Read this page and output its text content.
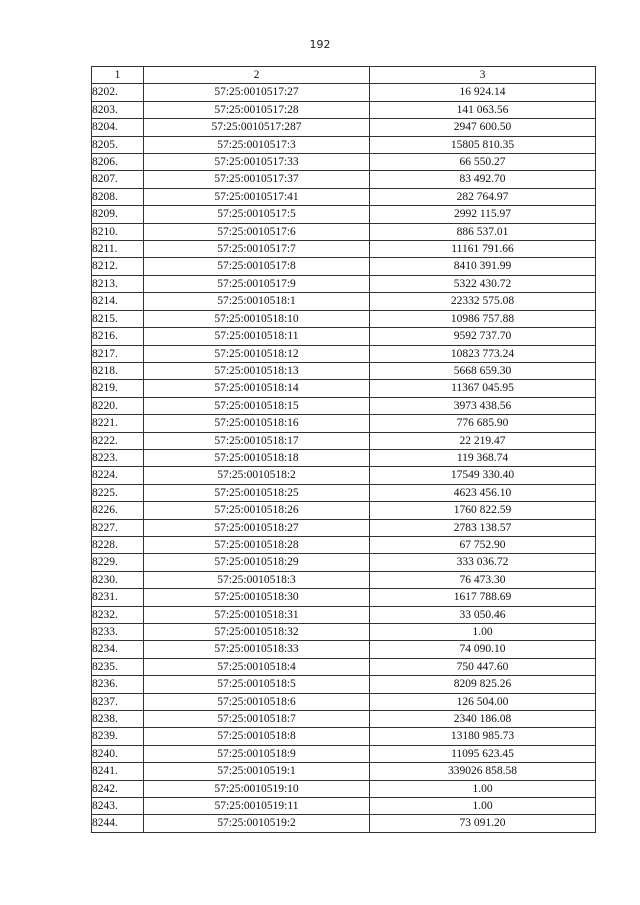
192
1	2	3
8202.	57:25:0010517:27	16 924.14
8203.	57:25:0010517:28	141 063.56
8204.	57:25:0010517:287	2947 600.50
8205.	57:25:0010517:3	15805 810.35
8206.	57:25:0010517:33	66 550.27
8207.	57:25:0010517:37	83 492.70
8208.	57:25:0010517:41	282 764.97
8209.	57:25:0010517:5	2992 115.97
8210.	57:25:0010517:6	886 537.01
8211.	57:25:0010517:7	11161 791.66
8212.	57:25:0010517:8	8410 391.99
8213.	57:25:0010517:9	5322 430.72
8214.	57:25:0010518:1	22332 575.08
8215.	57:25:0010518:10	10986 757.88
8216.	57:25:0010518:11	9592 737.70
8217.	57:25:0010518:12	10823 773.24
8218.	57:25:0010518:13	5668 659.30
8219.	57:25:0010518:14	11367 045.95
8220.	57:25:0010518:15	3973 438.56
8221.	57:25:0010518:16	776 685.90
8222.	57:25:0010518:17	22 219.47
8223.	57:25:0010518:18	119 368.74
8224.	57:25:0010518:2	17549 330.40
8225.	57:25:0010518:25	4623 456.10
8226.	57:25:0010518:26	1760 822.59
8227.	57:25:0010518:27	2783 138.57
8228.	57:25:0010518:28	67 752.90
8229.	57:25:0010518:29	333 036.72
8230.	57:25:0010518:3	76 473.30
8231.	57:25:0010518:30	1617 788.69
8232.	57:25:0010518:31	33 050.46
8233.	57:25:0010518:32	1.00
8234.	57:25:0010518:33	74 090.10
8235.	57:25:0010518:4	750 447.60
8236.	57:25:0010518:5	8209 825.26
8237.	57:25:0010518:6	126 504.00
8238.	57:25:0010518:7	2340 186.08
8239.	57:25:0010518:8	13180 985.73
8240.	57:25:0010518:9	11095 623.45
8241.	57:25:0010519:1	339026 858.58
8242.	57:25:0010519:10	1.00
8243.	57:25:0010519:11	1.00
8244.	57:25:0010519:2	73 091.20
